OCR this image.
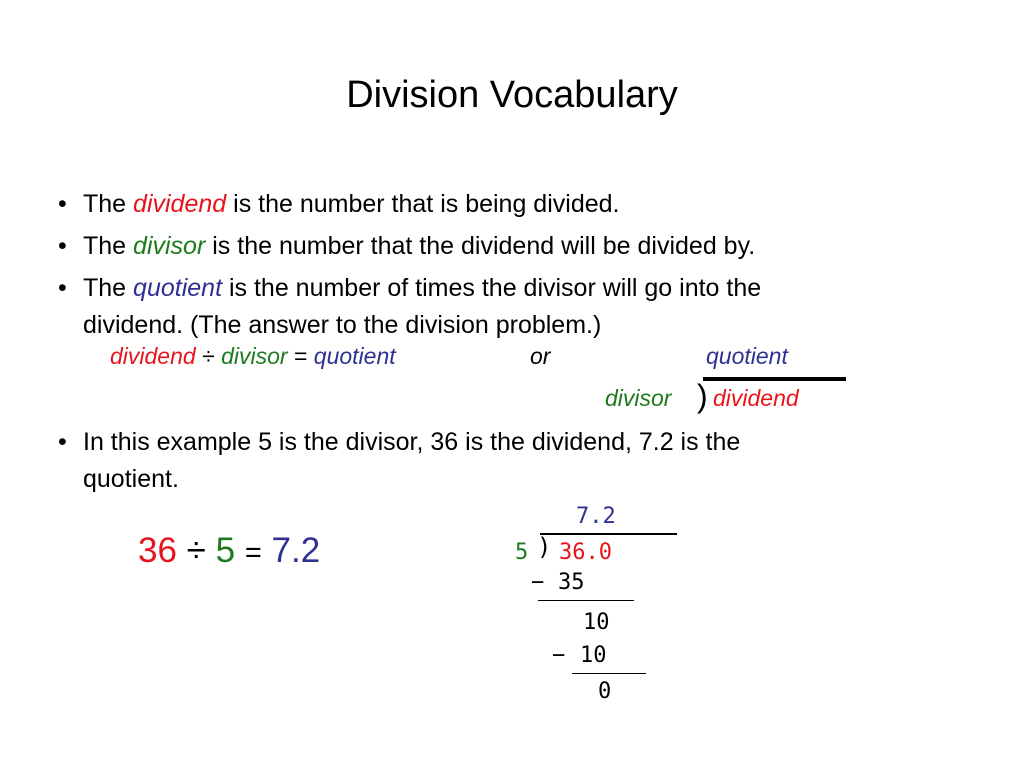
Division Vocabulary
• The dividend is the number that is being divided.
• The divisor is the number that the dividend will be divided by.
• The quotient is the number of times the divisor will go into the
dividend. (The answer to the division problem.)
• In this example 5 is the divisor, 36 is the dividend, 7.2 is the
quotient.
dividend ÷ divisor = quotient	or	quotient
divisor ) dividend
36 ÷ 5 = 7.2
7.2
5 ) 36.0
− 35
10
− 10
0
